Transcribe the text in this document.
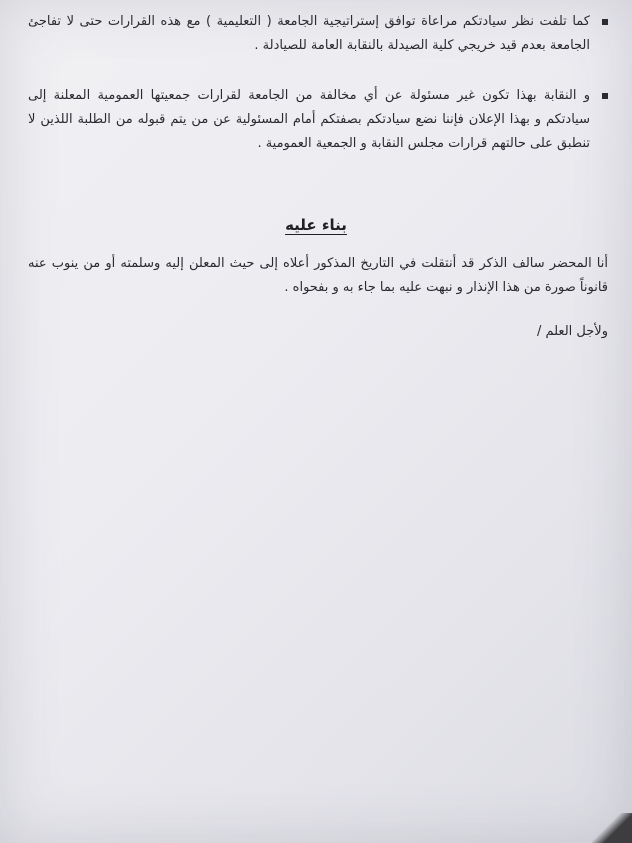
كما تلفت نظر سيادتكم مراعاة توافق إستراتيجية الجامعة ( التعليمية ) مع هذه القرارات حتى لا تفاجئ الجامعة بعدم قيد خريجي كلية الصيدلة بالنقابة العامة للصيادلة .
و النقابة بهذا تكون غير مسئولة عن أي مخالفة من الجامعة لقرارات جمعيتها العمومية المعلنة إلى سيادتكم و بهذا الإعلان فإننا نضع سيادتكم بصفتكم أمام المسئولية عن من يتم قبوله من الطلبة اللذين لا تنطبق على حالتهم قرارات مجلس النقابة و الجمعية العمومية .
بناء عليه
أنا المحضر سالف الذكر قد أنتقلت في التاريخ المذكور أعلاه إلى حيث المعلن إليه وسلمته أو من ينوب عنه قانوناً صورة من هذا الإنذار و نبهت عليه بما جاء به و بفحواه .
ولأجل العلم /
